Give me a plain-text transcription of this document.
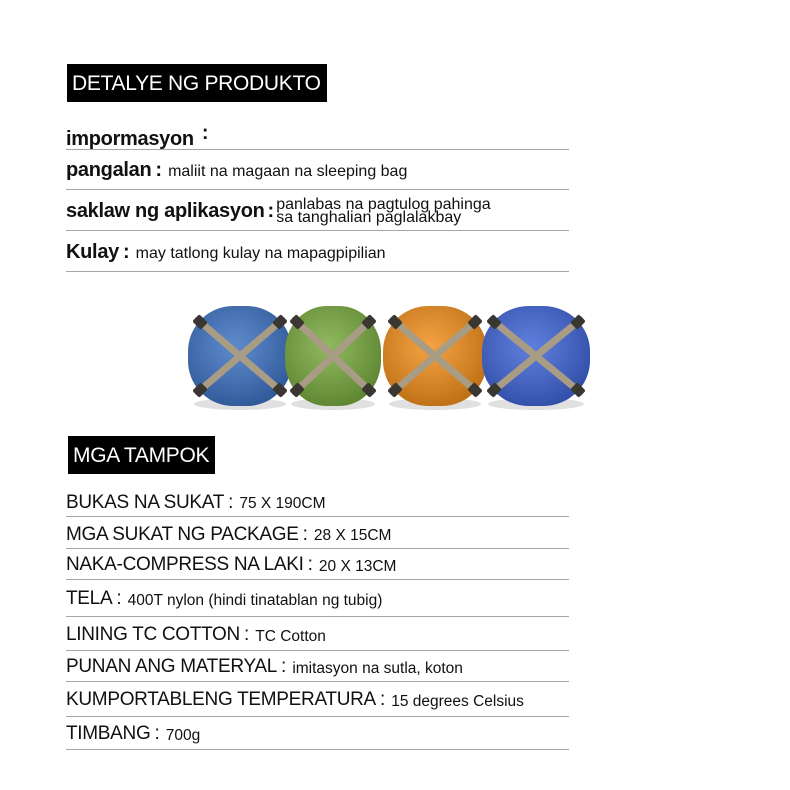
DETALYE NG PRODUKTO
impormasyon :
pangalan : maliit na magaan na sleeping bag
saklaw ng aplikasyon : panlabas na pagtulog pahinga
sa tanghalian paglalakbay
Kulay : may tatlong kulay na mapagpipilian
MGA TAMPOK
BUKAS NA SUKAT : 75 X 190CM
MGA SUKAT NG PACKAGE : 28 X 15CM
NAKA-COMPRESS NA LAKI : 20 X 13CM
TELA : 400T nylon (hindi tinatablan ng tubig)
LINING TC COTTON : TC Cotton
PUNAN ANG MATERYAL : imitasyon na sutla, koton
KUMPORTABLENG TEMPERATURA : 15 degrees Celsius
TIMBANG : 700g
